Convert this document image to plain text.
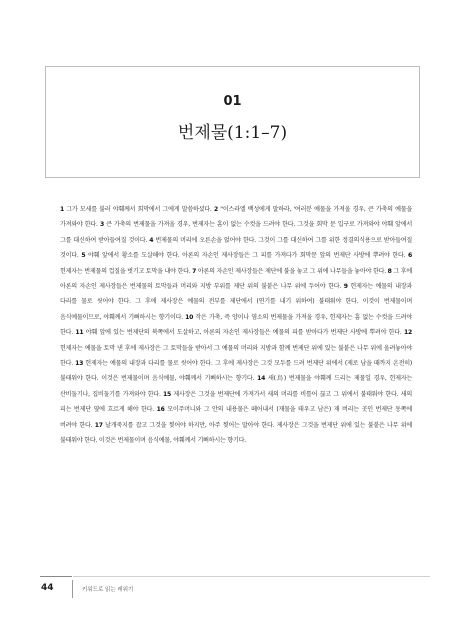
01
번제물(1:1–7)

1 그가 모세를 불러 야훼께서 회막에서 그에게 말씀하셨다. 2 "이스라엘 백성에게 말하라, '여러분 예물을 가져올 경우, 큰 가축의 예물을 가져와야 한다. 3 큰 가축의 번제물을 가져올 경우, 번제자는 흠이 없는 수컷을 드려야 한다. 그것을 회막 문 입구로 가져와야 야훼 앞에서 그를 대신하여 받아들여질 것이다. 4 번제물의 머리에 오른손을 얹어야 한다. 그것이 그를 대신하여 그를 위한 정결의식용으로 받아들여질 것이다. 5 야훼 앞에서 황소를 도살해야 한다. 아론의 자손인 제사장들은 그 피를 가져다가 회막문 앞의 번제단 사방에 뿌려야 한다. 6 헌제자는 번제물의 껍질을 벗기고 토막을 내야 한다. 7 아론의 자손인 제사장들은 제단에 불을 놓고 그 위에 나무들을 놓아야 한다. 8 그 후에 아론의 자손인 제사장들은 번제물의 토막들과 머리와 지방 부위를 제단 위의 불붙은 나무 위에 두어야 한다. 9 헌제자는 예물의 내장과 다리를 물로 씻어야 한다. 그 후에 제사장은 예물의 전부를 제단에서 (연기를 내기 위하여) 불태워야 한다. 이것이 번제물이며 음식예물이므로, 야훼께서 기뻐하시는 향기이다. 10 작은 가축, 즉 양이나 염소의 번제물을 가져올 경우, 헌제자는 흠 없는 수컷을 드려야 한다. 11 야훼 앞에 있는 번제단의 북쪽에서 도살하고, 아론의 자손인 제사장들은 예물의 피를 받아다가 번제단 사방에 뿌려야 한다. 12 헌제자는 예물을 토막 낸 후에 제사장은 그 토막들을 받아서 그 예물의 머리와 지방과 함께 번제단 위에 있는 불붙은 나무 위에 올려놓아야 한다. 13 헌제자는 예물의 내장과 다리를 물로 씻어야 한다. 그 후에 제사장은 그것 모두를 드려 번제단 위에서 (제로 남을 때까지 온전히) 불태워야 한다. 이것은 번제물이며 음식예물, 야훼께서 기뻐하시는 향기다. 14 새(鳥) 번제물을 야훼께 드리는 제물일 경우, 헌제자는 산비둘기나, 집비둘기를 가져와야 한다. 15 제사장은 그것을 번제단에 가져가서 새의 머리를 비틀어 끊고 그 위에서 불태워야 한다. 새의 피는 번제단 옆에 흐르게 해야 한다. 16 모이주머니와 그 안의 내용물은 떼어내서 (재물을 태우고 남은) 재 버리는 곳인 번제단 동쪽에 버려야 한다. 17 날개죽지를 잡고 그것을 찢어야 하지만, 아주 찢어는 말아야 한다. 제사장은 그것을 번제단 위에 있는 불붙은 나무 위에 불태워야 한다. 이것은 번제물이며 음식예물, 야훼께서 기뻐하시는 향기다.

44	키워드로 읽는 레위기
